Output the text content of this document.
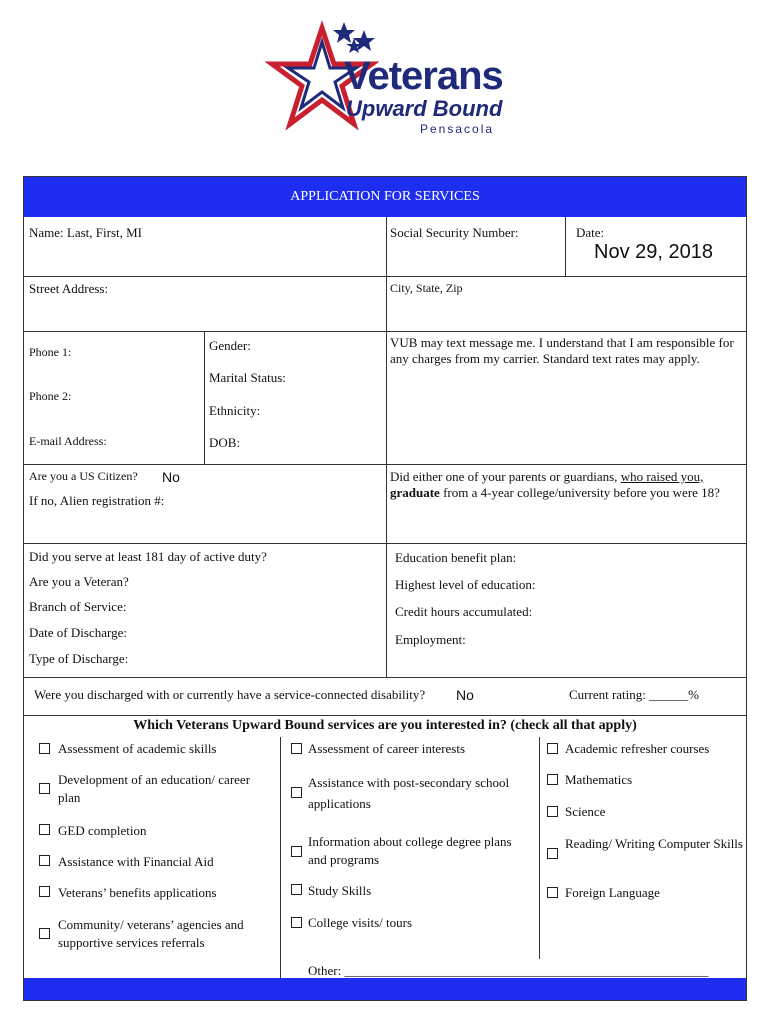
Veterans
Upward Bound
Pensacola
APPLICATION FOR SERVICES
Name: Last, First, MI	Social Security Number:	Date:
Nov 29, 2018
Street Address:	City, State, Zip
Phone 1:
Phone 2:
E-mail Address:
Gender:
Marital Status:
Ethnicity:
DOB:
VUB may text message me. I understand that I am responsible for any charges from my carrier. Standard text rates may apply.
Are you a US Citizen? No
If no, Alien registration #:
Did either one of your parents or guardians, who raised you,
graduate from a 4-year college/university before you were 18?
Did you serve at least 181 day of active duty?
Are you a Veteran?
Branch of Service:
Date of Discharge:
Type of Discharge:
Education benefit plan:
Highest level of education:
Credit hours accumulated:
Employment:
Were you discharged with or currently have a service-connected disability? No	Current rating: ______%
Which Veterans Upward Bound services are you interested in? (check all that apply)
Assessment of academic skills
Development of an education/ career plan
GED completion
Assistance with Financial Aid
Veterans’ benefits applications
Community/ veterans’ agencies and supportive services referrals
Assessment of career interests
Assistance with post-secondary school applications
Information about college degree plans and programs
Study Skills
College visits/ tours
Academic refresher courses
Mathematics
Science
Reading/ Writing Computer Skills
Foreign Language
Other: ________________________________________________________
